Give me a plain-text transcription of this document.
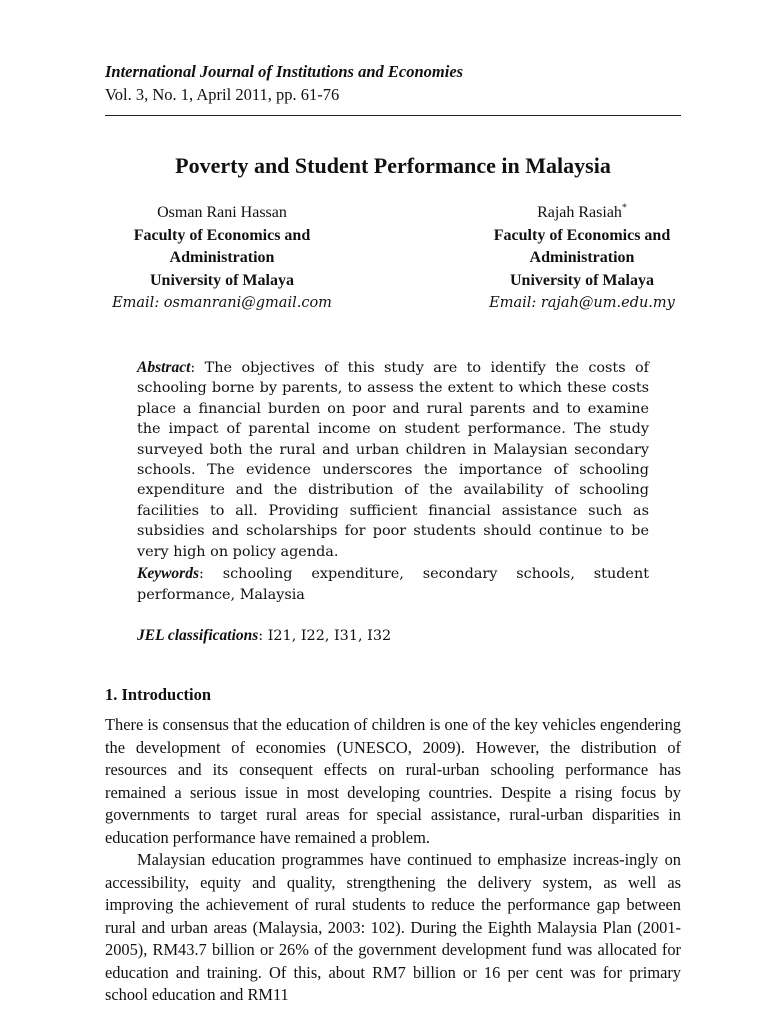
International Journal of Institutions and Economies
Vol. 3, No. 1, April 2011, pp. 61-76
Poverty and Student Performance in Malaysia
Osman Rani Hassan
Faculty of Economics and
Administration
University of Malaya
Email: osmanrani@gmail.com
Rajah Rasiah*
Faculty of Economics and
Administration
University of Malaya
Email: rajah@um.edu.my
Abstract: The objectives of this study are to identify the costs of schooling borne by parents, to assess the extent to which these costs place a financial burden on poor and rural parents and to examine the impact of parental income on student performance. The study surveyed both the rural and urban children in Malaysian secondary schools. The evidence underscores the importance of schooling expenditure and the distribution of the availability of schooling facilities to all. Providing sufficient financial assistance such as subsidies and scholarships for poor students should continue to be very high on policy agenda.
Keywords: schooling expenditure, secondary schools, student performance, Malaysia
JEL classifications: I21, I22, I31, I32
1. Introduction

There is consensus that the education of children is one of the key vehicles engendering the development of economies (UNESCO, 2009). However, the distribution of resources and its consequent effects on rural-urban schooling performance has remained a serious issue in most developing countries. Despite a rising focus by governments to target rural areas for special assistance, rural-urban disparities in education performance have remained a problem.

Malaysian education programmes have continued to emphasize increas-ingly on accessibility, equity and quality, strengthening the delivery system, as well as improving the achievement of rural students to reduce the performance gap between rural and urban areas (Malaysia, 2003: 102). During the Eighth Malaysia Plan (2001-2005), RM43.7 billion or 26% of the government development fund was allocated for education and training. Of this, about RM7 billion or 16 per cent was for primary school education and RM11
